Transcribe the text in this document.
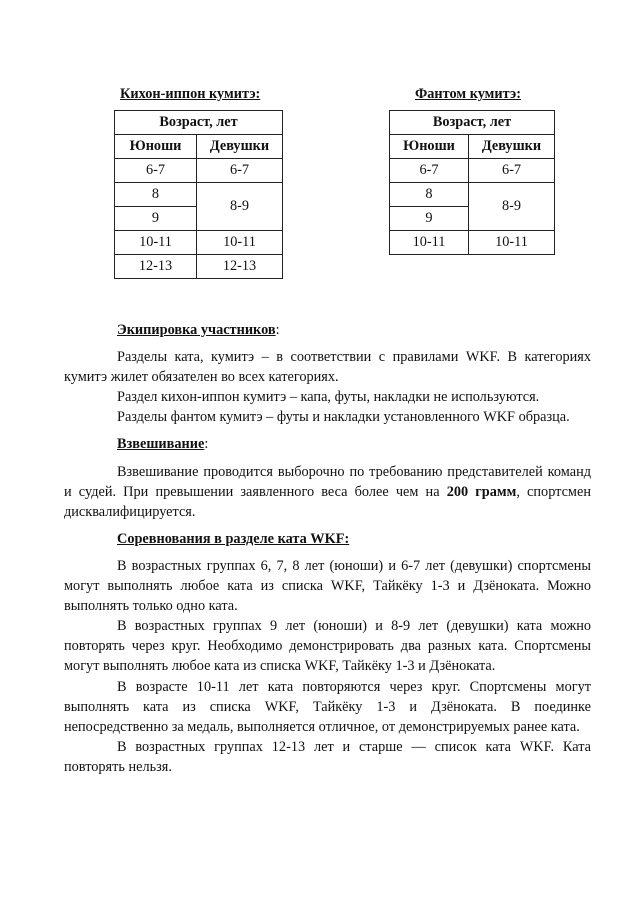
Кихон-иппон кумитэ:
Возраст, лет	
Юноши	Девушки
6-7	6-7
8	8-9
9	
10-11	10-11
12-13	12-13
Фантом кумитэ:
Возраст, лет	
Юноши	Девушки
6-7	6-7
8	8-9
9	
10-11	10-11

Экипировка участников:

Разделы ката, кумитэ – в соответствии с правилами WKF. В категориях кумитэ жилет обязателен во всех категориях.

Раздел кихон-иппон кумитэ – капа, футы, накладки не используются.

Разделы фантом кумитэ – футы и накладки установленного WKF образца.

Взвешивание:

Взвешивание проводится выборочно по требованию представителей команд и судей. При превышении заявленного веса более чем на 200 грамм, спортсмен дисквалифицируется.

Соревнования в разделе ката WKF:

В возрастных группах 6, 7, 8 лет (юноши) и 6-7 лет (девушки) спортсмены могут выполнять любое ката из списка WKF, Тайкёку 1-3 и Дзёноката. Можно выполнять только одно ката.

В возрастных группах 9 лет (юноши) и 8-9 лет (девушки) ката можно повторять через круг. Необходимо демонстрировать два разных ката. Спортсмены могут выполнять любое ката из списка WKF, Тайкёку 1-3 и Дзёноката.

В возрасте 10-11 лет ката повторяются через круг. Спортсмены могут выполнять ката из списка WKF, Тайкёку 1-3 и Дзёноката. В поединке непосредственно за медаль, выполняется отличное, от демонстрируемых ранее ката.

В возрастных группах 12-13 лет и старше — список ката WKF. Ката повторять нельзя.
